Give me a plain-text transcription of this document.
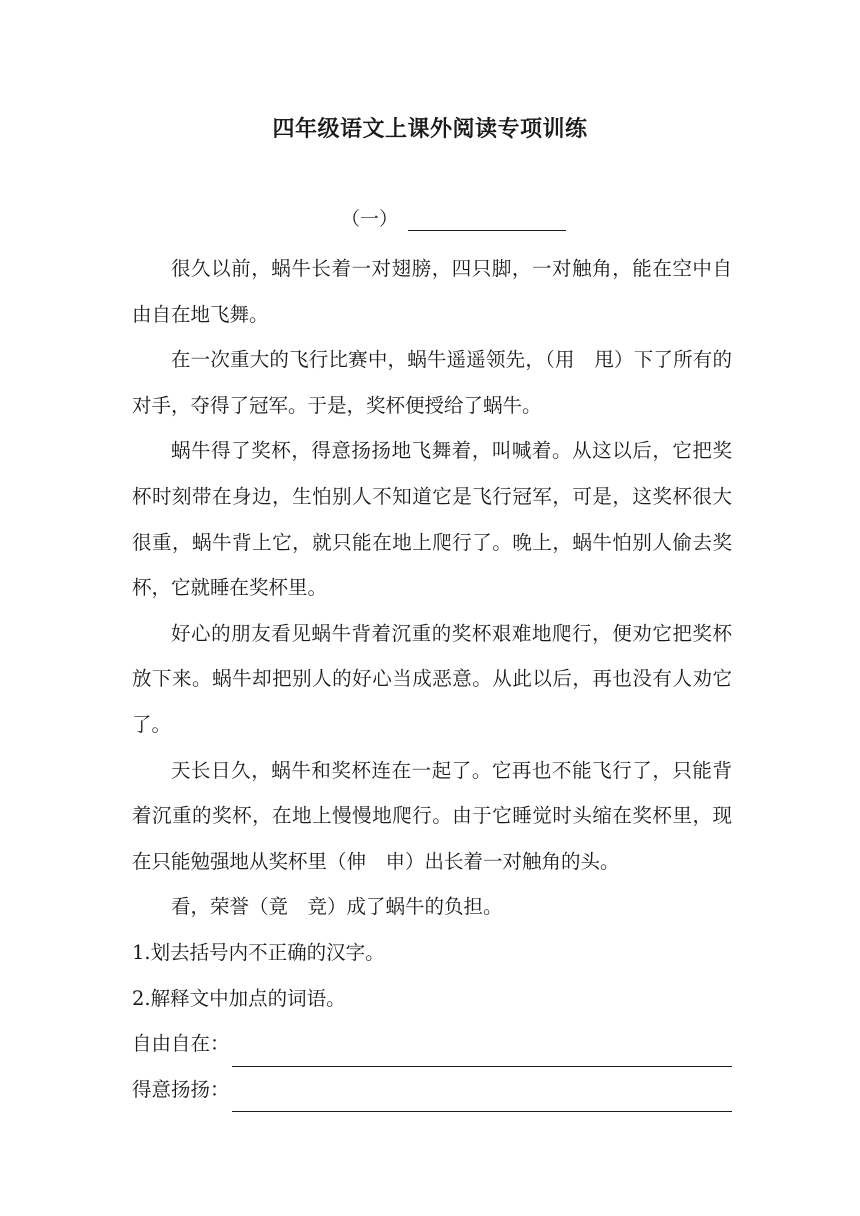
四年级语文上课外阅读专项训练
（一）

很久以前，蜗牛长着一对翅膀，四只脚，一对触角，能在空中自由自在地飞舞。

在一次重大的飞行比赛中，蜗牛遥遥领先，（用　甩）下了所有的对手，夺得了冠军。于是，奖杯便授给了蜗牛。

蜗牛得了奖杯，得意扬扬地飞舞着，叫喊着。从这以后，它把奖杯时刻带在身边，生怕别人不知道它是飞行冠军，可是，这奖杯很大很重，蜗牛背上它，就只能在地上爬行了。晚上，蜗牛怕别人偷去奖杯，它就睡在奖杯里。

好心的朋友看见蜗牛背着沉重的奖杯艰难地爬行，便劝它把奖杯放下来。蜗牛却把别人的好心当成恶意。从此以后，再也没有人劝它了。

天长日久，蜗牛和奖杯连在一起了。它再也不能飞行了，只能背着沉重的奖杯，在地上慢慢地爬行。由于它睡觉时头缩在奖杯里，现在只能勉强地从奖杯里（伸　申）出长着一对触角的头。

看，荣誉（竟　竞）成了蜗牛的负担。

1.划去括号内不正确的汉字。

2.解释文中加点的词语。

自由自在：
得意扬扬：
